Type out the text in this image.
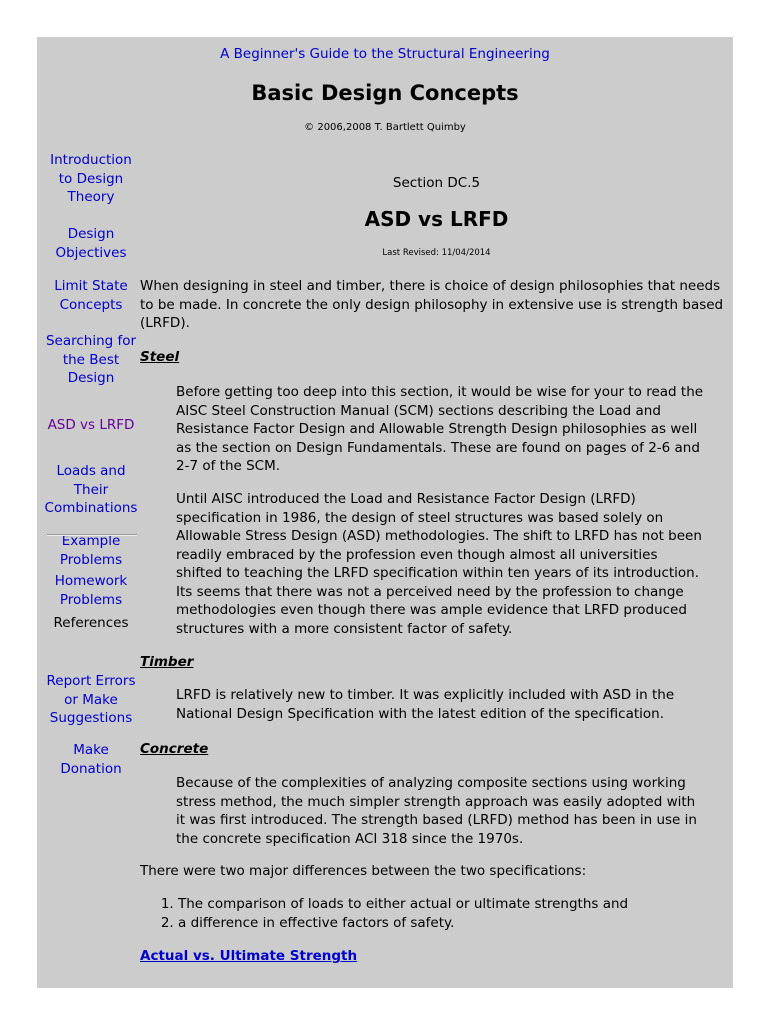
A Beginner's Guide to the Structural Engineering
Basic Design Concepts
© 2006,2008 T. Bartlett Quimby
Introduction to Design Theory
Design Objectives
Limit State Concepts
Searching for the Best Design
ASD vs LRFD
Loads and Their Combinations
Example Problems
Homework Problems
References
Report Errors or Make Suggestions
Make Donation
Section DC.5
ASD vs LRFD
Last Revised: 11/04/2014

When designing in steel and timber, there is choice of design philosophies that needs to be made. In concrete the only design philosophy in extensive use is strength based (LRFD).

Steel

Before getting too deep into this section, it would be wise for your to read the AISC Steel Construction Manual (SCM) sections describing the Load and Resistance Factor Design and Allowable Strength Design philosophies as well as the section on Design Fundamentals. These are found on pages of 2-6 and 2-7 of the SCM.

Until AISC introduced the Load and Resistance Factor Design (LRFD) specification in 1986, the design of steel structures was based solely on Allowable Stress Design (ASD) methodologies. The shift to LRFD has not been readily embraced by the profession even though almost all universities shifted to teaching the LRFD specification within ten years of its introduction. Its seems that there was not a perceived need by the profession to change methodologies even though there was ample evidence that LRFD produced structures with a more consistent factor of safety.

Timber

LRFD is relatively new to timber. It was explicitly included with ASD in the National Design Specification with the latest edition of the specification.

Concrete

Because of the complexities of analyzing composite sections using working stress method, the much simpler strength approach was easily adopted with it was first introduced. The strength based (LRFD) method has been in use in the concrete specification ACI 318 since the 1970s.

There were two major differences between the two specifications:

1. The comparison of loads to either actual or ultimate strengths and
2. a difference in effective factors of safety.
Actual vs. Ultimate Strength
